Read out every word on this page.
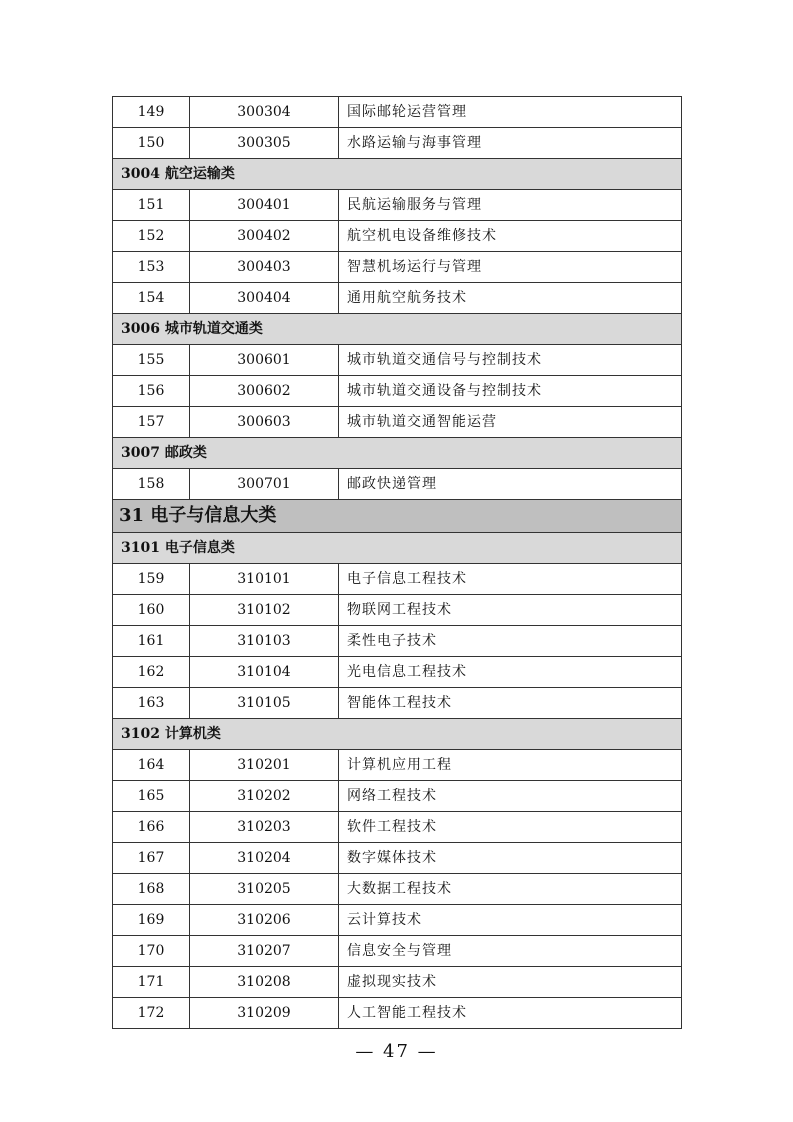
149	300304	国际邮轮运营管理
150	300305	水路运输与海事管理
3004 航空运输类		
151	300401	民航运输服务与管理
152	300402	航空机电设备维修技术
153	300403	智慧机场运行与管理
154	300404	通用航空航务技术
3006 城市轨道交通类		
155	300601	城市轨道交通信号与控制技术
156	300602	城市轨道交通设备与控制技术
157	300603	城市轨道交通智能运营
3007 邮政类		
158	300701	邮政快递管理
31 电子与信息大类		
3101 电子信息类		
159	310101	电子信息工程技术
160	310102	物联网工程技术
161	310103	柔性电子技术
162	310104	光电信息工程技术
163	310105	智能体工程技术
3102 计算机类		
164	310201	计算机应用工程
165	310202	网络工程技术
166	310203	软件工程技术
167	310204	数字媒体技术
168	310205	大数据工程技术
169	310206	云计算技术
170	310207	信息安全与管理
171	310208	虚拟现实技术
172	310209	人工智能工程技术
— 47 —
